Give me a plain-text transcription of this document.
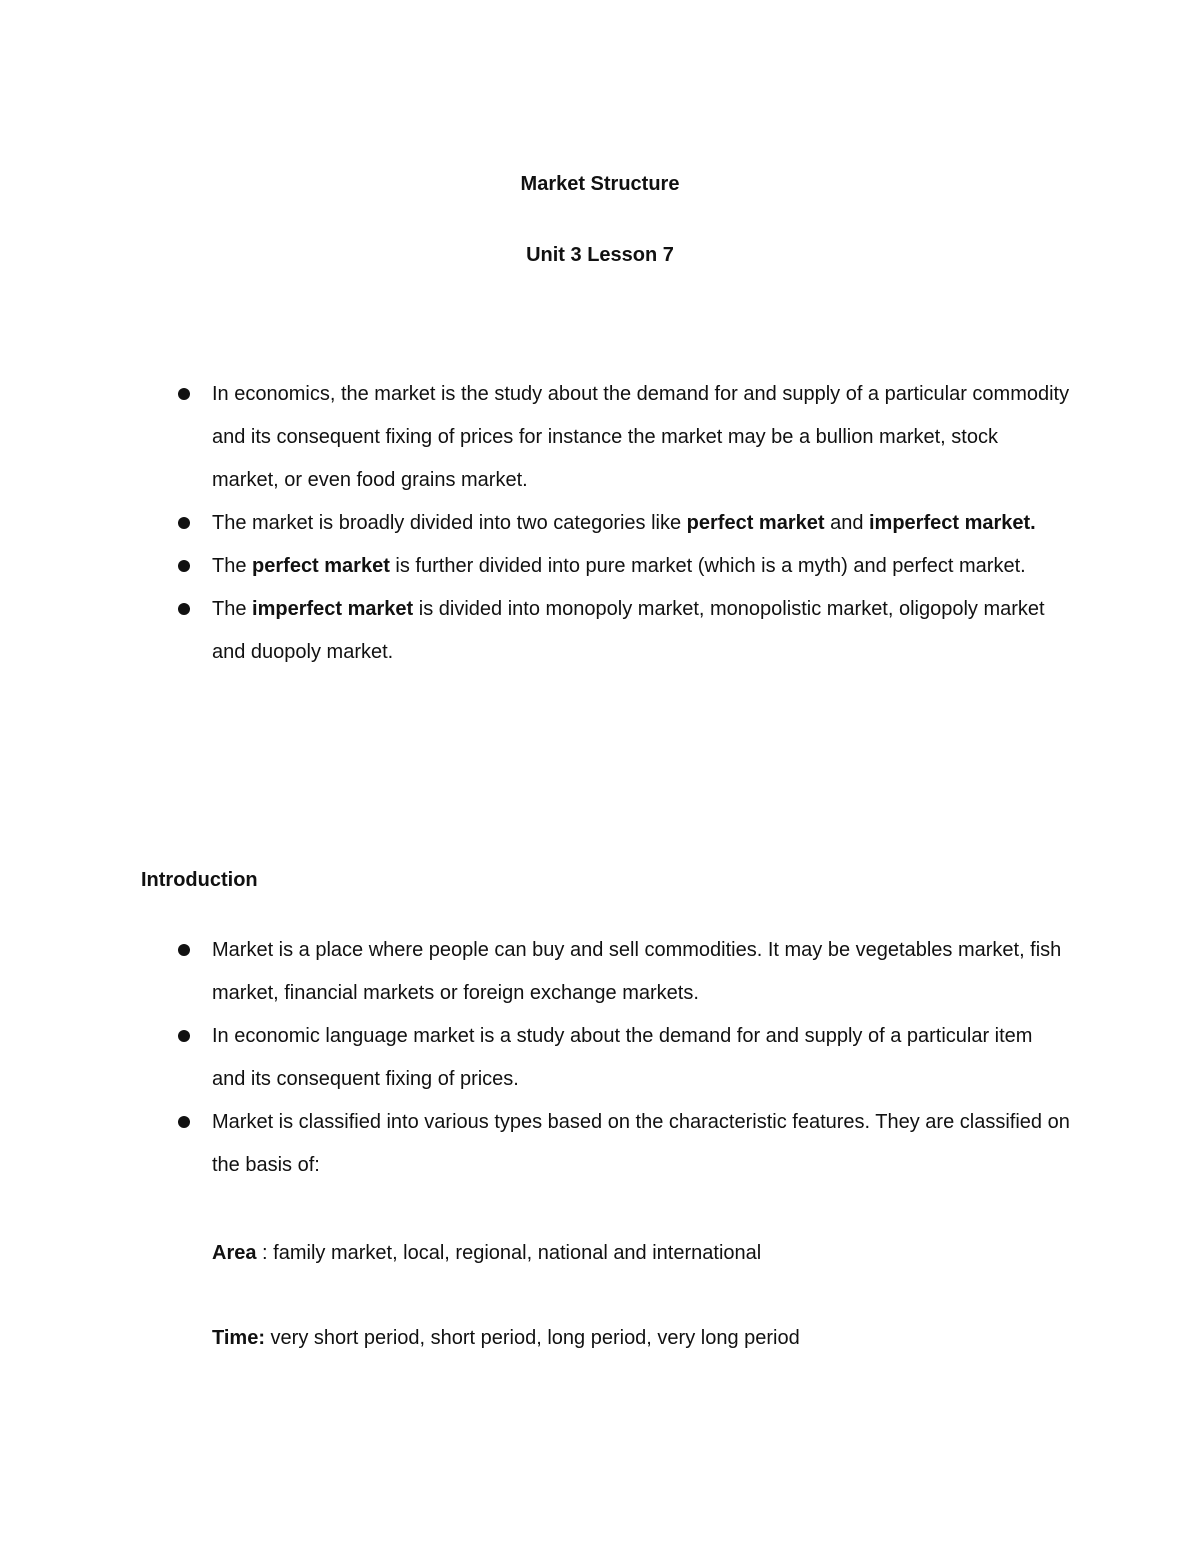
Market Structure
Unit 3 Lesson 7
In economics, the market is the study about the demand for and supply of a particular commodity and its consequent fixing of prices for instance the market may be a bullion market, stock market, or even food grains market.
The market is broadly divided into two categories like perfect market and imperfect market.
The perfect market is further divided into pure market (which is a myth) and perfect market.
The imperfect market is divided into monopoly market, monopolistic market, oligopoly market and duopoly market.
Introduction
Market is a place where people can buy and sell commodities. It may be vegetables market, fish market, financial markets or foreign exchange markets.
In economic language market is a study about the demand for and supply of a particular item and its consequent fixing of prices.
Market is classified into various types based on the characteristic features. They are classified on the basis of:
Area : family market, local, regional, national and international
Time: very short period, short period, long period, very long period
